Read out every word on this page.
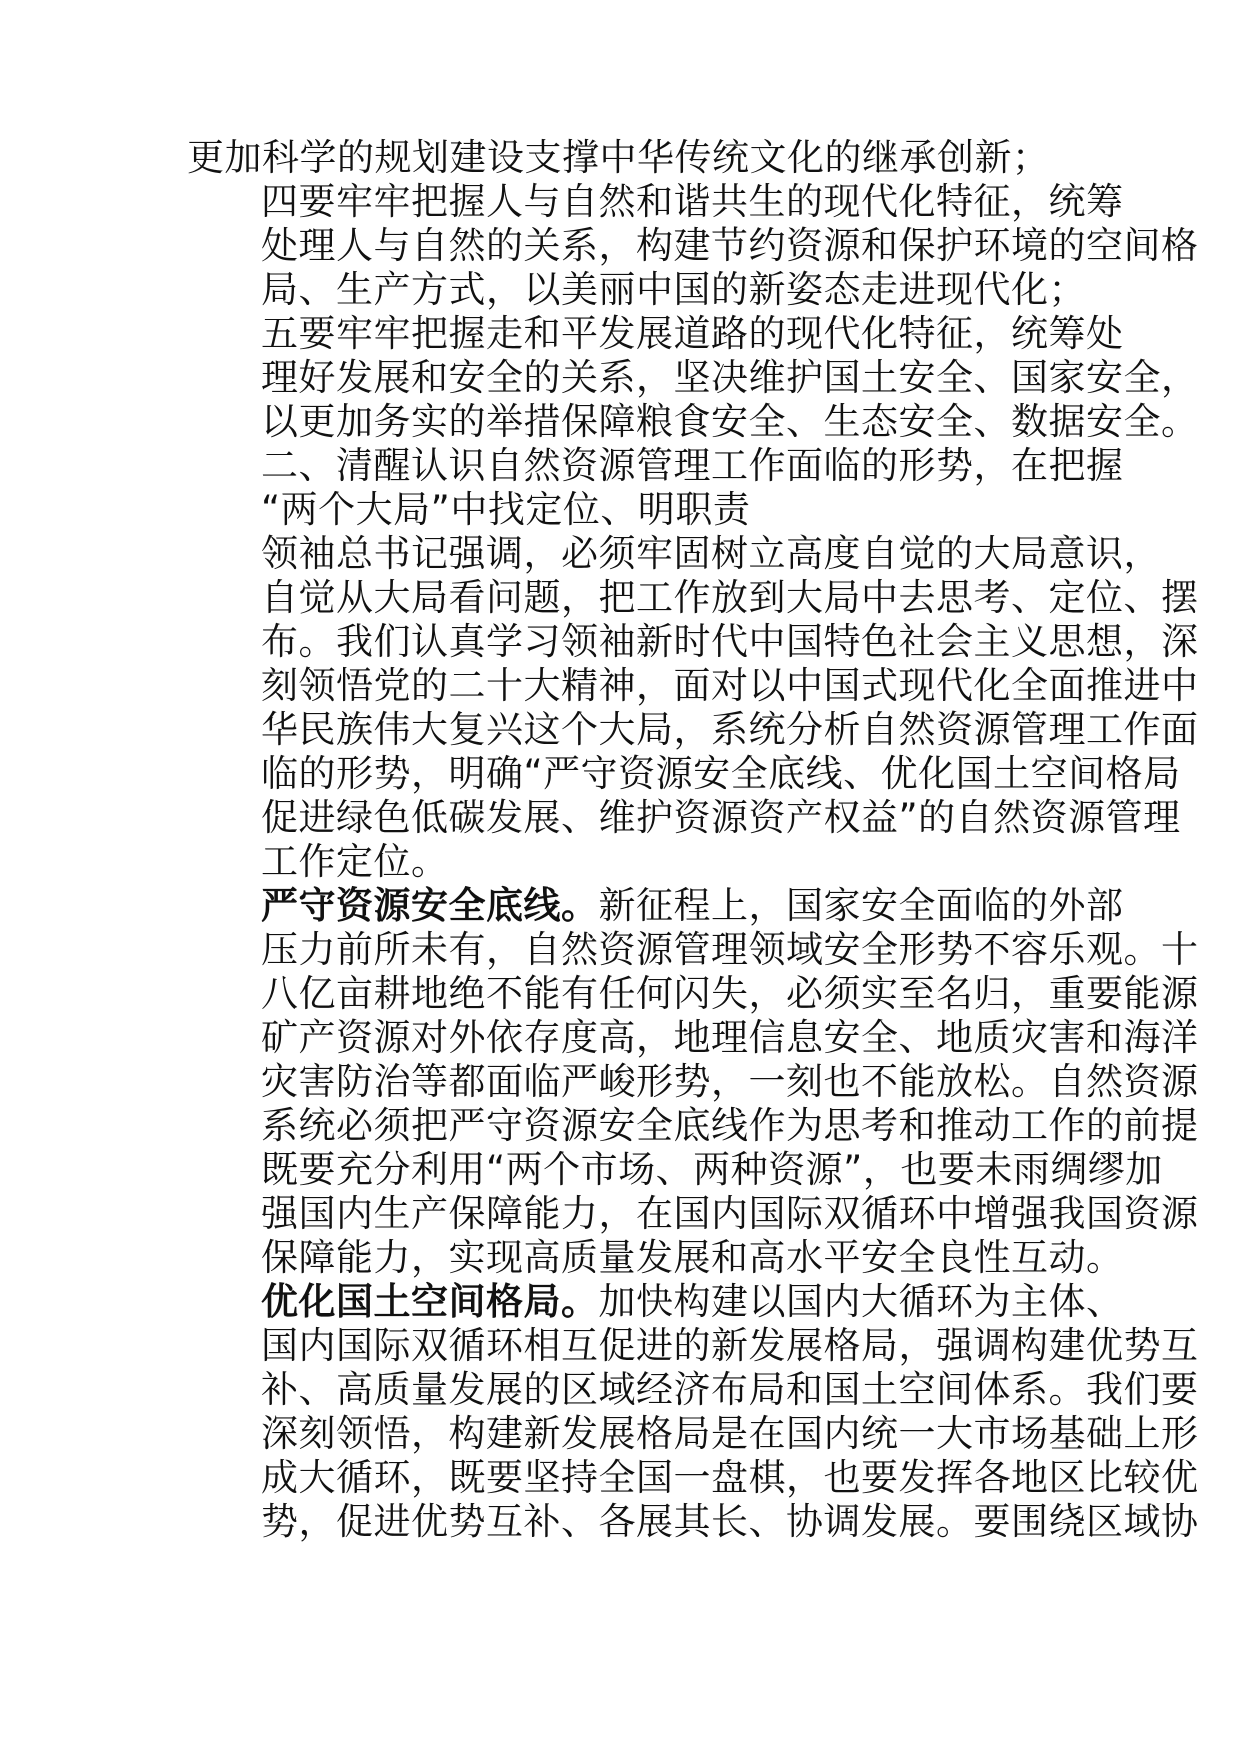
更加科学的规划建设支撑中华传统文化的继承创新；

四要牢牢把握人与自然和谐共生的现代化特征，统筹
处理人与自然的关系，构建节约资源和保护环境的空间格
局、生产方式，以美丽中国的新姿态走进现代化；

五要牢牢把握走和平发展道路的现代化特征，统筹处
理好发展和安全的关系，坚决维护国土安全、国家安全，
以更加务实的举措保障粮食安全、生态安全、数据安全。

二、清醒认识自然资源管理工作面临的形势，在把握
“两个大局”中找定位、明职责

领袖总书记强调，必须牢固树立高度自觉的大局意识，
自觉从大局看问题，把工作放到大局中去思考、定位、摆
布。我们认真学习领袖新时代中国特色社会主义思想，深
刻领悟党的二十大精神，面对以中国式现代化全面推进中
华民族伟大复兴这个大局，系统分析自然资源管理工作面
临的形势，明确“严守资源安全底线、优化国土空间格局
促进绿色低碳发展、维护资源资产权益”的自然资源管理
工作定位。

严守资源安全底线。新征程上，国家安全面临的外部
压力前所未有，自然资源管理领域安全形势不容乐观。十
八亿亩耕地绝不能有任何闪失，必须实至名归，重要能源
矿产资源对外依存度高，地理信息安全、地质灾害和海洋
灾害防治等都面临严峻形势，一刻也不能放松。自然资源
系统必须把严守资源安全底线作为思考和推动工作的前提
既要充分利用“两个市场、两种资源”，也要未雨绸缪加
强国内生产保障能力，在国内国际双循环中增强我国资源
保障能力，实现高质量发展和高水平安全良性互动。

优化国土空间格局。加快构建以国内大循环为主体、
国内国际双循环相互促进的新发展格局，强调构建优势互
补、高质量发展的区域经济布局和国土空间体系。我们要
深刻领悟，构建新发展格局是在国内统一大市场基础上形
成大循环，既要坚持全国一盘棋，也要发挥各地区比较优
势，促进优势互补、各展其长、协调发展。要围绕区域协
